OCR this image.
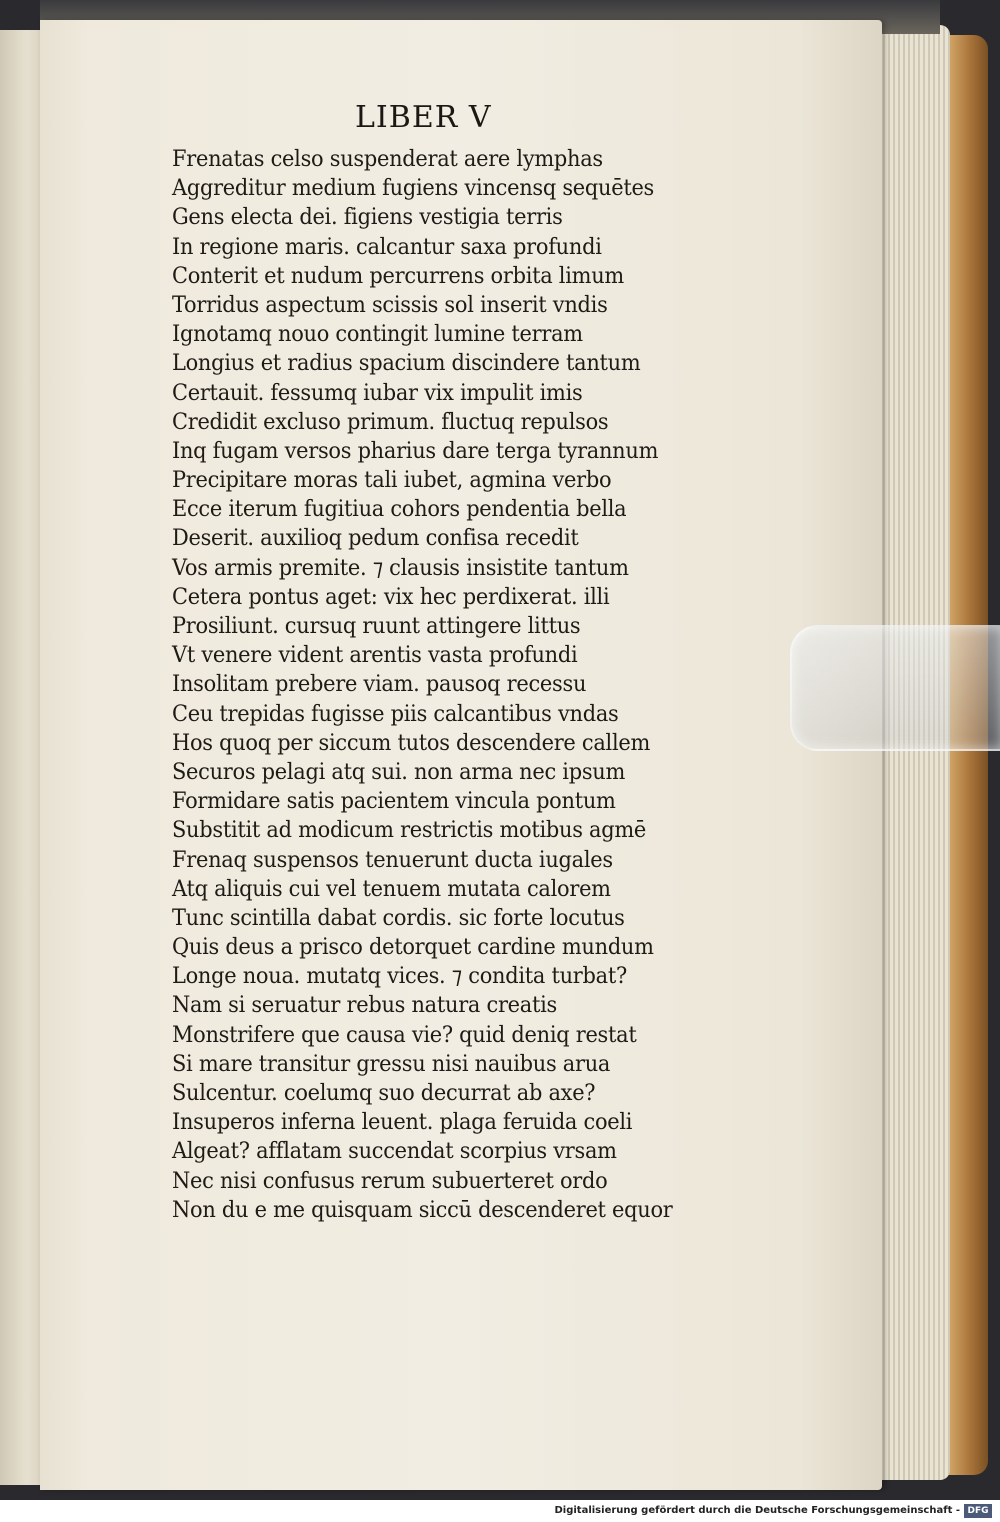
LIBER V
Frenatas celso suspenderat aere lymphas
Aggreditur medium fugiens vincensq sequētes
Gens electa dei. figiens vestigia terris
In regione maris. calcantur saxa profundi
Conterit et nudum percurrens orbita limum
Torridus aspectum scissis sol inserit vndis
Ignotamq nouo contingit lumine terram
Longius et radius spacium discindere tantum
Certauit. fessumq iubar vix impulit imis
Credidit excluso primum. fluctuq repulsos
Inq fugam versos pharius dare terga tyrannum
Precipitare moras tali iubet, agmina verbo
Ecce iterum fugitiua cohors pendentia bella
Deserit. auxilioq pedum confisa recedit
Vos armis premite. ⁊ clausis insistite tantum
Cetera pontus aget: vix hec perdixerat. illi
Prosiliunt. cursuq ruunt attingere littus
Vt venere vident arentis vasta profundi
Insolitam prebere viam. pausoq recessu
Ceu trepidas fugisse piis calcantibus vndas
Hos quoq per siccum tutos descendere callem
Securos pelagi atq sui. non arma nec ipsum
Formidare satis pacientem vincula pontum
Substitit ad modicum restrictis motibus agmē
Frenaq suspensos tenuerunt ducta iugales
Atq aliquis cui vel tenuem mutata calorem
Tunc scintilla dabat cordis. sic forte locutus
Quis deus a prisco detorquet cardine mundum
Longe noua. mutatq vices. ⁊ condita turbat?
Nam si seruatur rebus natura creatis
Monstrifere que causa vie? quid deniq restat
Si mare transitur gressu nisi nauibus arua
Sulcentur. coelumq suo decurrat ab axe?
Insuperos inferna leuent. plaga feruida coeli
Algeat? afflatam succendat scorpius vrsam
Nec nisi confusus rerum subuerteret ordo
Non du e me quisquam siccū descenderet equor
Digitalisierung gefördert durch die Deutsche Forschungsgemeinschaft - DFG
